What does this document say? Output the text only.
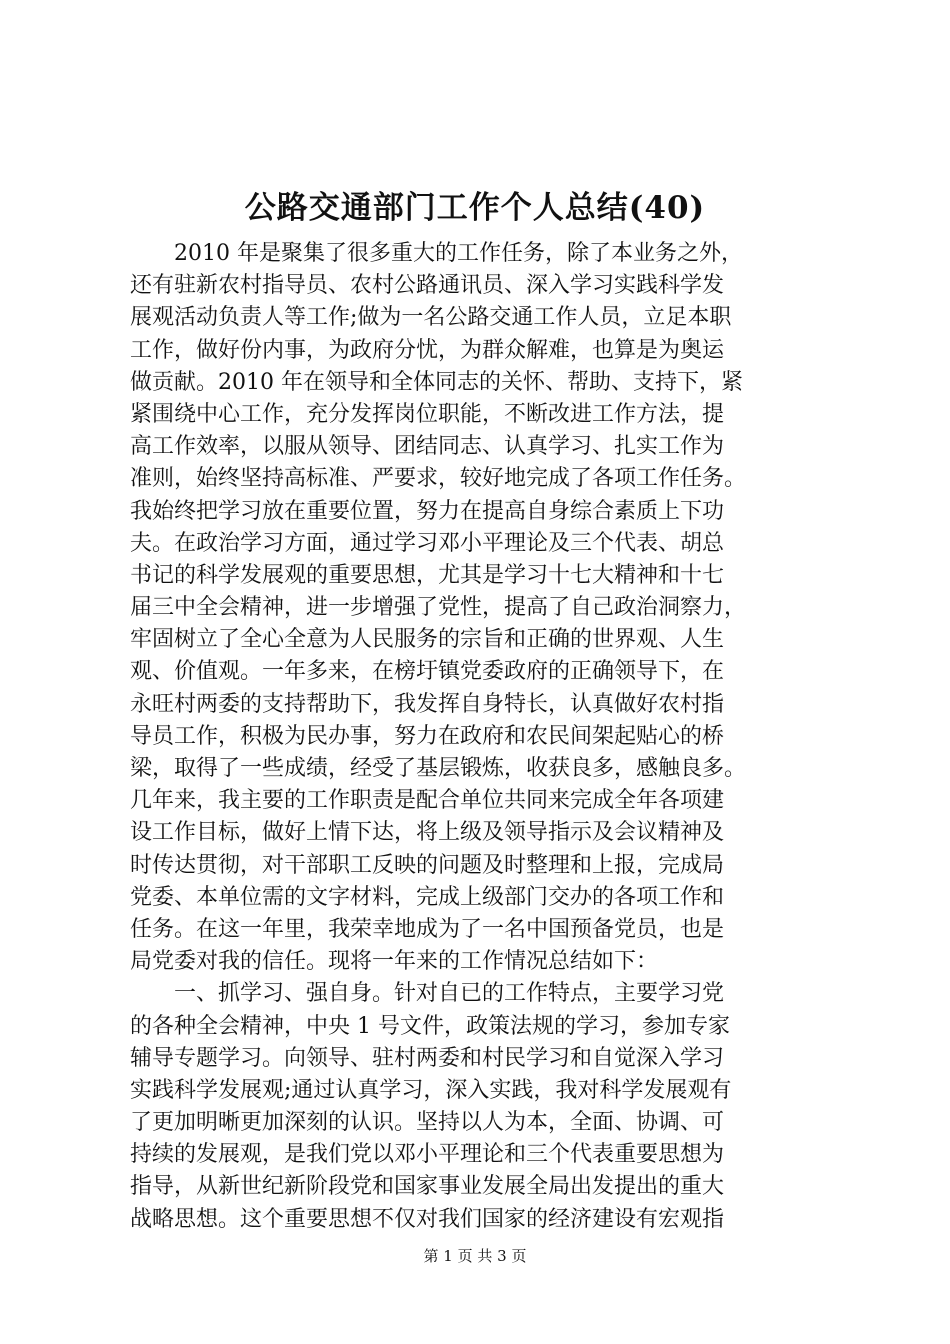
公路交通部门工作个人总结(40)
2010 年是聚集了很多重大的工作任务，除了本业务之外，
还有驻新农村指导员、农村公路通讯员、深入学习实践科学发
展观活动负责人等工作;做为一名公路交通工作人员，立足本职
工作，做好份内事，为政府分忧，为群众解难，也算是为奥运
做贡献。2010 年在领导和全体同志的关怀、帮助、支持下，紧
紧围绕中心工作，充分发挥岗位职能，不断改进工作方法，提
高工作效率，以服从领导、团结同志、认真学习、扎实工作为
准则，始终坚持高标准、严要求，较好地完成了各项工作任务。
我始终把学习放在重要位置，努力在提高自身综合素质上下功
夫。在政治学习方面，通过学习邓小平理论及三个代表、胡总
书记的科学发展观的重要思想，尤其是学习十七大精神和十七
届三中全会精神，进一步增强了党性，提高了自己政治洞察力，
牢固树立了全心全意为人民服务的宗旨和正确的世界观、人生
观、价值观。一年多来，在榜圩镇党委政府的正确领导下，在
永旺村两委的支持帮助下，我发挥自身特长，认真做好农村指
导员工作，积极为民办事，努力在政府和农民间架起贴心的桥
梁，取得了一些成绩，经受了基层锻炼，收获良多，感触良多。
几年来，我主要的工作职责是配合单位共同来完成全年各项建
设工作目标，做好上情下达，将上级及领导指示及会议精神及
时传达贯彻，对干部职工反映的问题及时整理和上报，完成局
党委、本单位需的文字材料，完成上级部门交办的各项工作和
任务。在这一年里，我荣幸地成为了一名中国预备党员，也是
局党委对我的信任。现将一年来的工作情况总结如下：
一、抓学习、强自身。针对自已的工作特点，主要学习党
的各种全会精神，中央 1 号文件，政策法规的学习，参加专家
辅导专题学习。向领导、驻村两委和村民学习和自觉深入学习
实践科学发展观;通过认真学习，深入实践，我对科学发展观有
了更加明晰更加深刻的认识。坚持以人为本，全面、协调、可
持续的发展观，是我们党以邓小平理论和三个代表重要思想为
指导，从新世纪新阶段党和国家事业发展全局出发提出的重大
战略思想。这个重要思想不仅对我们国家的经济建设有宏观指
第 1 页 共 3 页
